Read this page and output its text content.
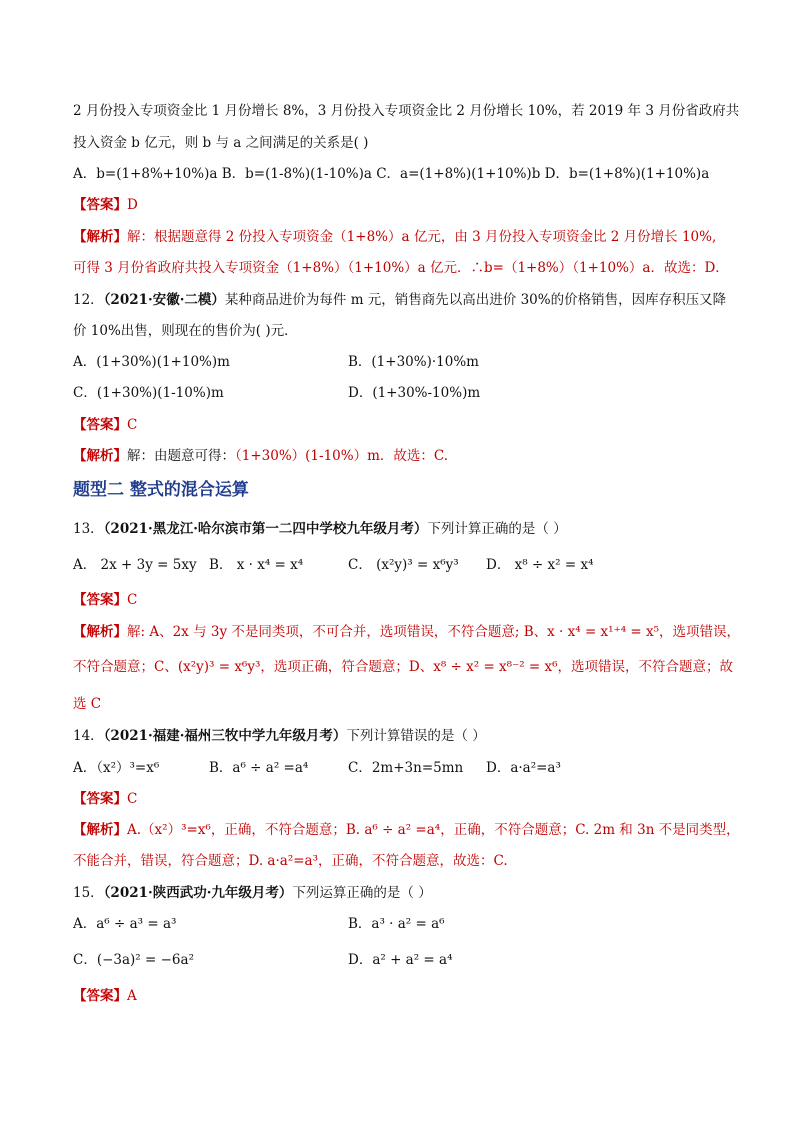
2 月份投入专项资金比 1 月份增长 8%，3 月份投入专项资金比 2 月份增长 10%，若 2019 年 3 月份省政府共
投入资金 b 亿元，则 b 与 a 之间满足的关系是( )
A．b=(1+8%+10%)a B．b=(1-8%)(1-10%)a C．a=(1+8%)(1+10%)b D．b=(1+8%)(1+10%)a
【答案】D
【解析】解：根据题意得 2 份投入专项资金（1+8%）a 亿元，由 3 月份投入专项资金比 2 月份增长 10%,
可得 3 月份省政府共投入专项资金（1+8%）（1+10%）a 亿元．∴b=（1+8%）（1+10%）a．故选：D．
12．（2021·安徽·二模）某种商品进价为每件 m 元，销售商先以高出进价 30%的价格销售，因库存积压又降
价 10%出售，则现在的售价为( )元．
A．(1+30%)(1+10%)m	B．(1+30%)·10%m
C．(1+30%)(1-10%)m	D．(1+30%-10%)m
【答案】C
【解析】解：由题意可得：（1+30%）(1-10%）m．故选：C.
题型二 整式的混合运算
13．（2021·黑龙江·哈尔滨市第一二四中学校九年级月考）下列计算正确的是（ ）
A． 2x + 3y = 5xy B． x · x⁴ = x⁴	C． (x²y)³ = x⁶y³ D． x⁸ ÷ x² = x⁴
【答案】C
【解析】解: A、2x 与 3y 不是同类项，不可合并，选项错误，不符合题意; B、x · x⁴ = x¹⁺⁴ = x⁵，选项错误，
不符合题意；C、(x²y)³ = x⁶y³，选项正确，符合题意；D、x⁸ ÷ x² = x⁸⁻² = x⁶，选项错误，不符合题意；故
选 C
14．（2021·福建·福州三牧中学九年级月考）下列计算错误的是（ ）
A．（x²）³=x⁶	B．a⁶ ÷ a² =a⁴	C．2m+3n=5mn D．a·a²=a³
【答案】C
【解析】A.（x²）³=x⁶，正确，不符合题意；B. a⁶ ÷ a² =a⁴，正确，不符合题意；C. 2m 和 3n 不是同类型，
不能合并，错误，符合题意；D. a·a²=a³，正确，不符合题意，故选：C.
15．（2021·陕西武功·九年级月考）下列运算正确的是（ ）
A．a⁶ ÷ a³ = a³	B．a³ · a² = a⁶
C．(−3a)² = −6a²	D．a² + a² = a⁴
【答案】A
